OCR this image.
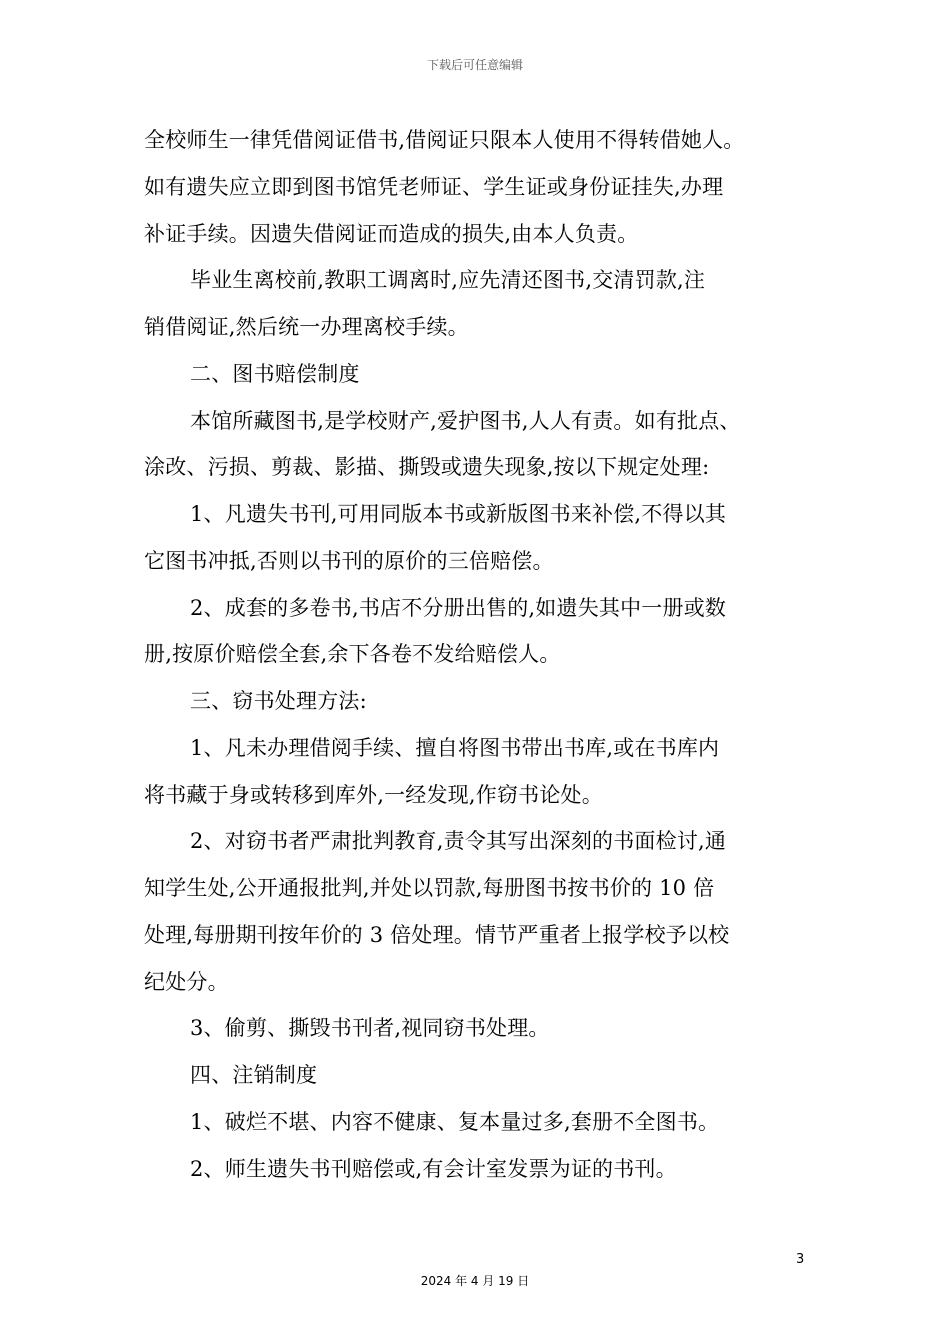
下载后可任意编辑
全校师生一律凭借阅证借书,借阅证只限本人使用不得转借她人。
如有遗失应立即到图书馆凭老师证、学生证或身份证挂失,办理
补证手续。因遗失借阅证而造成的损失,由本人负责。
毕业生离校前,教职工调离时,应先清还图书,交清罚款,注
销借阅证,然后统一办理离校手续。
二、图书赔偿制度
本馆所藏图书,是学校财产,爱护图书,人人有责。如有批点、
涂改、污损、剪裁、影描、撕毁或遗失现象,按以下规定处理:
1、凡遗失书刊,可用同版本书或新版图书来补偿,不得以其
它图书冲抵,否则以书刊的原价的三倍赔偿。
2、成套的多卷书,书店不分册出售的,如遗失其中一册或数
册,按原价赔偿全套,余下各卷不发给赔偿人。
三、窃书处理方法:
1、凡未办理借阅手续、擅自将图书带出书库,或在书库内
将书藏于身或转移到库外,一经发现,作窃书论处。
2、对窃书者严肃批判教育,责令其写出深刻的书面检讨,通
知学生处,公开通报批判,并处以罚款,每册图书按书价的 10 倍
处理,每册期刊按年价的 3 倍处理。情节严重者上报学校予以校
纪处分。
3、偷剪、撕毁书刊者,视同窃书处理。
四、注销制度
1、破烂不堪、内容不健康、复本量过多,套册不全图书。
2、师生遗失书刊赔偿或,有会计室发票为证的书刊。
3
2024 年 4 月 19 日
